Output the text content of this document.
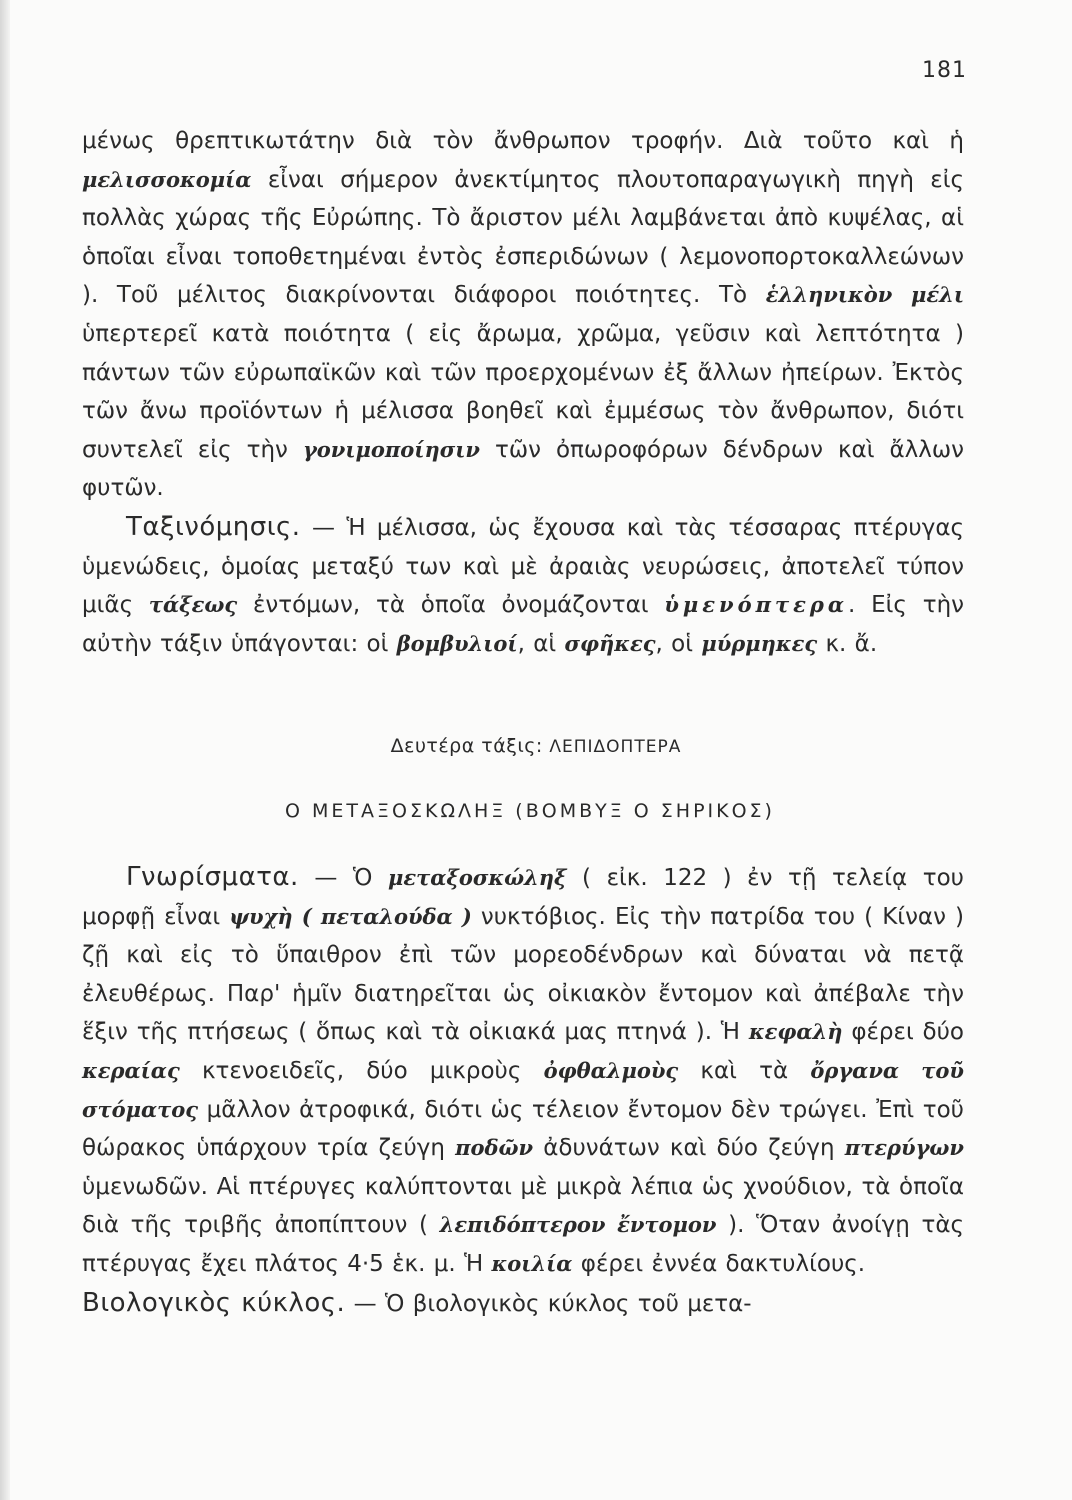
181
μένως θρεπτικωτάτην διὰ τὸν ἄνθρωπον τροφήν. Διὰ τοῦτο καὶ ἡ μελισσοκομία εἶναι σήμερον ἀνεκτίμητος πλουτοπαραγωγικὴ πηγὴ εἰς πολλὰς χώρας τῆς Εὐρώπης. Τὸ ἄριστον μέλι λαμβάνεται ἀπὸ κυψέλας, αἱ ὁποῖαι εἶναι τοποθετημέναι ἐντὸς ἐσπεριδώνων ( λεμονοπορτοκαλλεώνων ). Τοῦ μέλιτος διακρίνονται διάφοροι ποιότητες. Τὸ ἑλληνικὸν μέλι ὑπερτερεῖ κατὰ ποιότητα ( εἰς ἄρωμα, χρῶμα, γεῦσιν καὶ λεπτότητα ) πάντων τῶν εὐρωπαϊκῶν καὶ τῶν προερχομένων ἐξ ἄλλων ἠπείρων. Ἐκτὸς τῶν ἄνω προϊόντων ἡ μέλισσα βοηθεῖ καὶ ἐμμέσως τὸν ἄνθρωπον, διότι συντελεῖ εἰς τὴν γονιμοποίησιν τῶν ὀπωροφόρων δένδρων καὶ ἄλλων φυτῶν.
Ταξινόμησις. — Ἡ μέλισσα, ὡς ἔχουσα καὶ τὰς τέσσαρας πτέρυγας ὑμενώδεις, ὁμοίας μεταξύ των καὶ μὲ ἀραιὰς νευρώσεις, ἀποτελεῖ τύπον μιᾶς τάξεως ἐντόμων, τὰ ὁποῖα ὀνομάζονται ὑμενόπτερα. Εἰς τὴν αὐτὴν τάξιν ὑπάγονται: οἱ βομβυλιοί, αἱ σφῆκες, οἱ μύρμηκες κ. ἄ.
Δευτέρα τάξις: ΛΕΠΙΔΟΠΤΕΡΑ
Ο ΜΕΤΑΞΟΣΚΩΛΗΞ (ΒΟΜΒΥΞ Ο ΣΗΡΙΚΟΣ)
Γνωρίσματα. — Ὁ μεταξοσκώληξ ( εἰκ. 122 ) ἐν τῇ τελείᾳ του μορφῇ εἶναι ψυχὴ ( πεταλούδα ) νυκτόβιος. Εἰς τὴν πατρίδα του ( Κίναν ) ζῇ καὶ εἰς τὸ ὕπαιθρον ἐπὶ τῶν μορεοδένδρων καὶ δύναται νὰ πετᾷ ἐλευθέρως. Παρ' ἡμῖν διατηρεῖται ὡς οἰκιακὸν ἔντομον καὶ ἀπέβαλε τὴν ἕξιν τῆς πτήσεως ( ὅπως καὶ τὰ οἰκιακά μας πτηνά ). Ἡ κεφαλὴ φέρει δύο κεραίας κτενοειδεῖς, δύο μικροὺς ὀφθαλμοὺς καὶ τὰ ὄργανα τοῦ στόματος μᾶλλον ἀτροφικά, διότι ὡς τέλειον ἔντομον δὲν τρώγει. Ἐπὶ τοῦ θώρακος ὑπάρχουν τρία ζεύγη ποδῶν ἀδυνάτων καὶ δύο ζεύγη πτερύγων ὑμενωδῶν. Αἱ πτέρυγες καλύπτονται μὲ μικρὰ λέπια ὡς χνούδιον, τὰ ὁποῖα διὰ τῆς τριβῆς ἀποπίπτουν ( λεπιδόπτερον ἔντομον ). Ὅταν ἀνοίγῃ τὰς πτέρυγας ἔχει πλάτος 4·5 ἑκ. μ. Ἡ κοιλία φέρει ἐννέα δακτυλίους.
Βιολογικὸς κύκλος. — Ὁ βιολογικὸς κύκλος τοῦ μετα-
